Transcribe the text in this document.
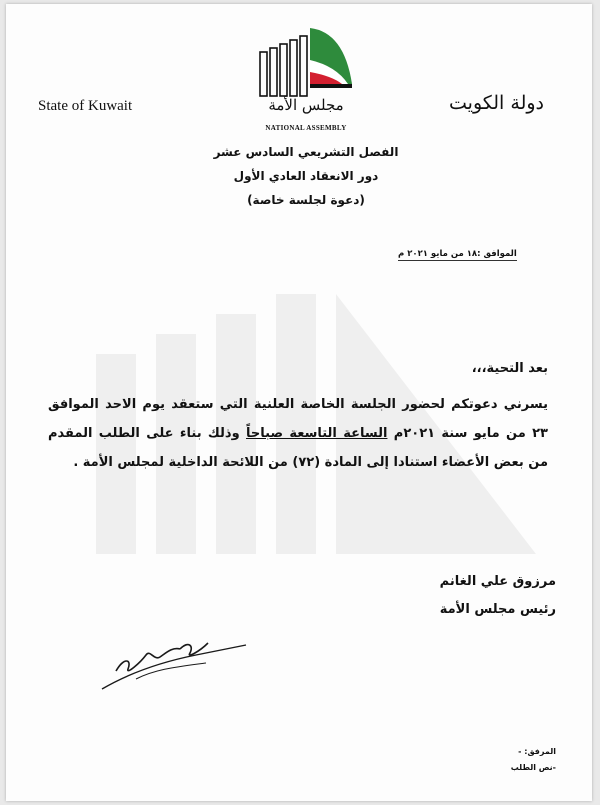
State of Kuwait	دولة الكويت
مجلس الأمة
NATIONAL ASSEMBLY
الفصل التشريعي السادس عشر
دور الانعقاد العادي الأول
(دعوة لجلسة خاصة)
الموافق :١٨ من مايو ٢٠٢١ م

بعد التحية،،،

يسرني دعوتكم لحضور الجلسة الخاصة العلنية التي ستعقد يوم الاحد الموافق ٢٣ من مايو سنة ٢٠٢١م الساعة التاسعة صباحاً وذلك بناء على الطلب المقدم من بعض الأعضاء استنادا إلى المادة (٧٢) من اللائحة الداخلية لمجلس الأمة .

مرزوق علي الغانم
رئيس مجلس الأمة
المرفق: -
-نص الطلب
